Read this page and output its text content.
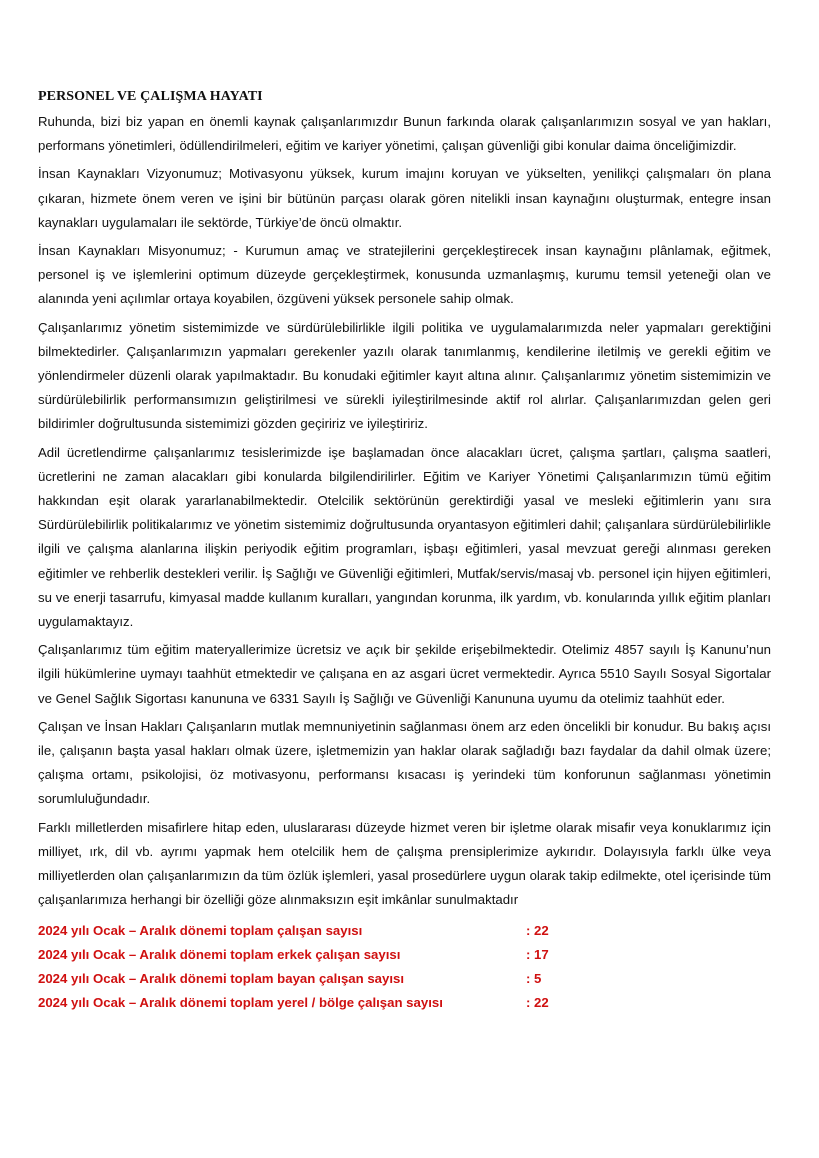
PERSONEL VE ÇALIŞMA HAYATI

Ruhunda, bizi biz yapan en önemli kaynak çalışanlarımızdır Bunun farkında olarak çalışanlarımızın sosyal ve yan hakları, performans yönetimleri, ödüllendirilmeleri, eğitim ve kariyer yönetimi, çalışan güvenliği gibi konular daima önceliğimizdir.

İnsan Kaynakları Vizyonumuz; Motivasyonu yüksek, kurum imajını koruyan ve yükselten, yenilikçi çalışmaları ön plana çıkaran, hizmete önem veren ve işini bir bütünün parçası olarak gören nitelikli insan kaynağını oluşturmak, entegre insan kaynakları uygulamaları ile sektörde, Türkiye’de öncü olmaktır.

İnsan Kaynakları Misyonumuz; - Kurumun amaç ve stratejilerini gerçekleştirecek insan kaynağını plânlamak, eğitmek, personel iş ve işlemlerini optimum düzeyde gerçekleştirmek, konusunda uzmanlaşmış, kurumu temsil yeteneği olan ve alanında yeni açılımlar ortaya koyabilen, özgüveni yüksek personele sahip olmak.

Çalışanlarımız yönetim sistemimizde ve sürdürülebilirlikle ilgili politika ve uygulamalarımızda neler yapmaları gerektiğini bilmektedirler. Çalışanlarımızın yapmaları gerekenler yazılı olarak tanımlanmış, kendilerine iletilmiş ve gerekli eğitim ve yönlendirmeler düzenli olarak yapılmaktadır. Bu konudaki eğitimler kayıt altına alınır. Çalışanlarımız yönetim sistemimizin ve sürdürülebilirlik performansımızın geliştirilmesi ve sürekli iyileştirilmesinde aktif rol alırlar. Çalışanlarımızdan gelen geri bildirimler doğrultusunda sistemimizi gözden geçiririz ve iyileştiririz.

Adil ücretlendirme çalışanlarımız tesislerimizde işe başlamadan önce alacakları ücret, çalışma şartları, çalışma saatleri, ücretlerini ne zaman alacakları gibi konularda bilgilendirilirler. Eğitim ve Kariyer Yönetimi Çalışanlarımızın tümü eğitim hakkından eşit olarak yararlanabilmektedir. Otelcilik sektörünün gerektirdiği yasal ve mesleki eğitimlerin yanı sıra Sürdürülebilirlik politikalarımız ve yönetim sistemimiz doğrultusunda oryantasyon eğitimleri dahil; çalışanlara sürdürülebilirlikle ilgili ve çalışma alanlarına ilişkin periyodik eğitim programları, işbaşı eğitimleri, yasal mevzuat gereği alınması gereken eğitimler ve rehberlik destekleri verilir. İş Sağlığı ve Güvenliği eğitimleri, Mutfak/servis/masaj vb. personel için hijyen eğitimleri, su ve enerji tasarrufu, kimyasal madde kullanım kuralları, yangından korunma, ilk yardım, vb. konularında yıllık eğitim planları uygulamaktayız.

Çalışanlarımız tüm eğitim materyallerimize ücretsiz ve açık bir şekilde erişebilmektedir. Otelimiz 4857 sayılı İş Kanunu’nun ilgili hükümlerine uymayı taahhüt etmektedir ve çalışana en az asgari ücret vermektedir. Ayrıca 5510 Sayılı Sosyal Sigortalar ve Genel Sağlık Sigortası kanununa ve 6331 Sayılı İş Sağlığı ve Güvenliği Kanununa uyumu da otelimiz taahhüt eder.

Çalışan ve İnsan Hakları Çalışanların mutlak memnuniyetinin sağlanması önem arz eden öncelikli bir konudur. Bu bakış açısı ile, çalışanın başta yasal hakları olmak üzere, işletmemizin yan haklar olarak sağladığı bazı faydalar da dahil olmak üzere; çalışma ortamı, psikolojisi, öz motivasyonu, performansı kısacası iş yerindeki tüm konforunun sağlanması yönetimin sorumluluğundadır.

Farklı milletlerden misafirlere hitap eden, uluslararası düzeyde hizmet veren bir işletme olarak misafir veya konuklarımız için milliyet, ırk, dil vb. ayrımı yapmak hem otelcilik hem de çalışma prensiplerimize aykırıdır. Dolayısıyla farklı ülke veya milliyetlerden olan çalışanlarımızın da tüm özlük işlemleri, yasal prosedürlere uygun olarak takip edilmekte, otel içerisinde tüm çalışanlarımıza herhangi bir özelliği göze alınmaksızın eşit imkânlar sunulmaktadır

2024 yılı Ocak – Aralık dönemi toplam çalışan sayısı	: 22
2024 yılı Ocak – Aralık dönemi toplam erkek çalışan sayısı	: 17
2024 yılı Ocak – Aralık dönemi toplam bayan çalışan sayısı	: 5
2024 yılı Ocak – Aralık dönemi toplam yerel / bölge çalışan sayısı	: 22
